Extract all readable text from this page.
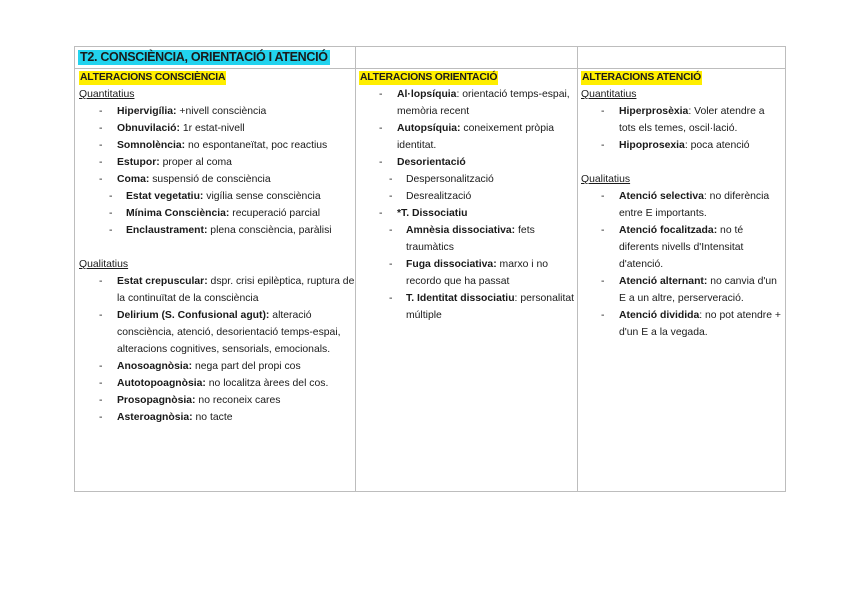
T2. CONSCIÈNCIA, ORIENTACIÓ I ATENCIÓ
ALTERACIONS CONSCIÈNCIA
Quantitatius
- Hipervigília: +nivell consciència
- Obnuvilació: 1r estat-nivell
- Somnolència: no espontaneïtat, poc reactius
- Estupor: proper al coma
- Coma: suspensió de consciència
- Estat vegetatiu: vigília sense consciència
- Mínima Consciència: recuperació parcial
- Enclaustrament: plena consciència, paràlisi
Qualitatius
- Estat crepuscular: dspr. crisi epilèptica, ruptura de la continuïtat de la consciència
- Delirium (S. Confusional agut): alteració consciència, atenció, desorientació temps-espai, alteracions cognitives, sensorials, emocionals.
- Anosoagnòsia: nega part del propi cos
- Autotopoagnòsia: no localitza àrees del cos.
- Prosopagnòsia: no reconeix cares
- Asteroagnòsia: no tacte
ALTERACIONS ORIENTACIÓ
- Al·lopsíquia: orientació temps-espai, memòria recent
- Autopsíquia: coneixement pròpia identitat.
- Desorientació
- Despersonalització
- Desrealització
- *T. Dissociatiu
- Amnèsia dissociativa: fets traumàtics
- Fuga dissociativa: marxo i no recordo que ha passat
- T. Identitat dissociatiu: personalitat múltiple
ALTERACIONS ATENCIÓ
Quantitatius
- Hiperprosèxia: Voler atendre a tots els temes, oscil·lació.
- Hipoprosexia: poca atenció
Qualitatius
- Atenció selectiva: no diferència entre E importants.
- Atenció focalitzada: no té diferents nivells d'Intensitat d'atenció.
- Atenció alternant: no canvia d'un E a un altre, perserveració.
- Atenció dividida: no pot atendre + d'un E a la vegada.
